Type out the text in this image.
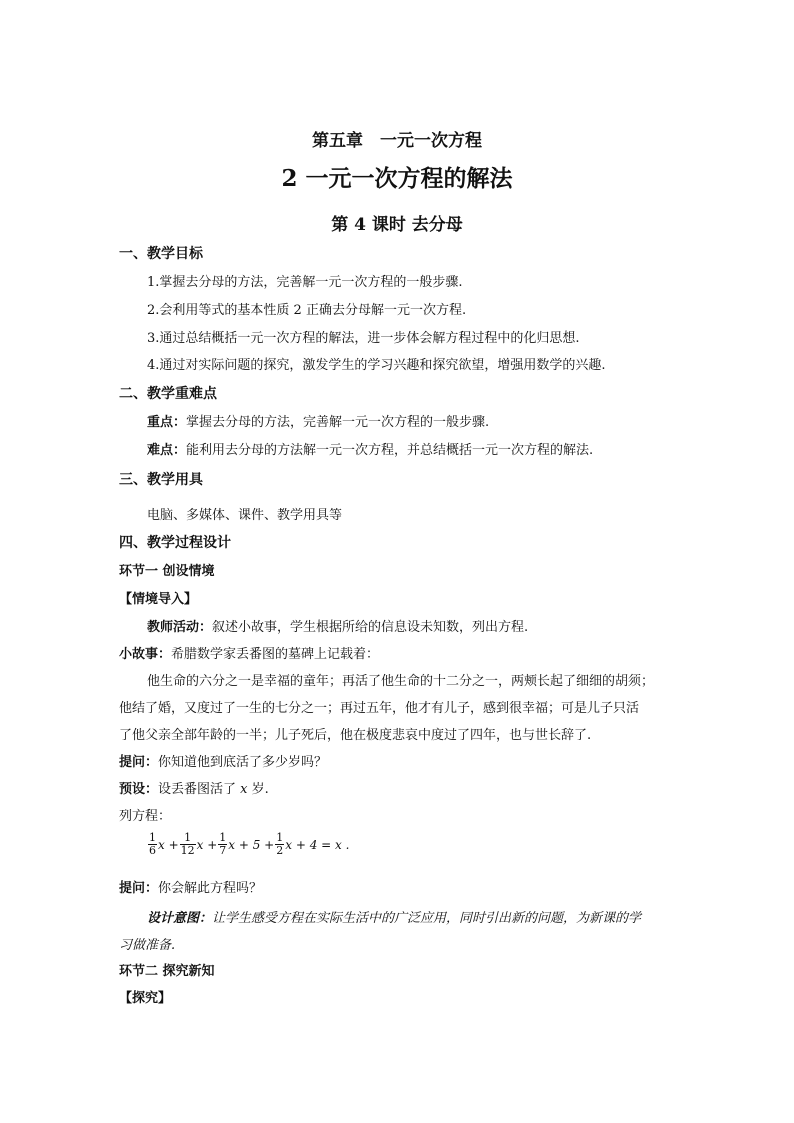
第五章　一元一次方程
2 一元一次方程的解法
第 4 课时 去分母
一、教学目标
1.掌握去分母的方法，完善解一元一次方程的一般步骤.
2.会利用等式的基本性质 2 正确去分母解一元一次方程.
3.通过总结概括一元一次方程的解法，进一步体会解方程过程中的化归思想.
4.通过对实际问题的探究，激发学生的学习兴趣和探究欲望，增强用数学的兴趣.
二、教学重难点
重点：掌握去分母的方法，完善解一元一次方程的一般步骤.
难点：能利用去分母的方法解一元一次方程，并总结概括一元一次方程的解法.
三、教学用具
电脑、多媒体、课件、教学用具等
四、教学过程设计
环节一 创设情境
【情境导入】
教师活动：叙述小故事，学生根据所给的信息设未知数，列出方程.
小故事：希腊数学家丢番图的墓碑上记载着：
他生命的六分之一是幸福的童年；再活了他生命的十二分之一，两颊长起了细细的胡须；
他结了婚，又度过了一生的七分之一；再过五年，他才有儿子，感到很幸福；可是儿子只活
了他父亲全部年龄的一半；儿子死后，他在极度悲哀中度过了四年，也与世长辞了.
提问：你知道他到底活了多少岁吗？
预设：设丢番图活了 x 岁.
列方程：
$\frac{1}{6}$ $x + \frac{1}{12}$ $x + \frac{1}{7}$ $x + 5 + \frac{1}{2}$ x + 4 = x .
提问：你会解此方程吗？
设计意图：让学生感受方程在实际生活中的广泛应用，同时引出新的问题，为新课的学
习做准备.
环节二 探究新知
【探究】
